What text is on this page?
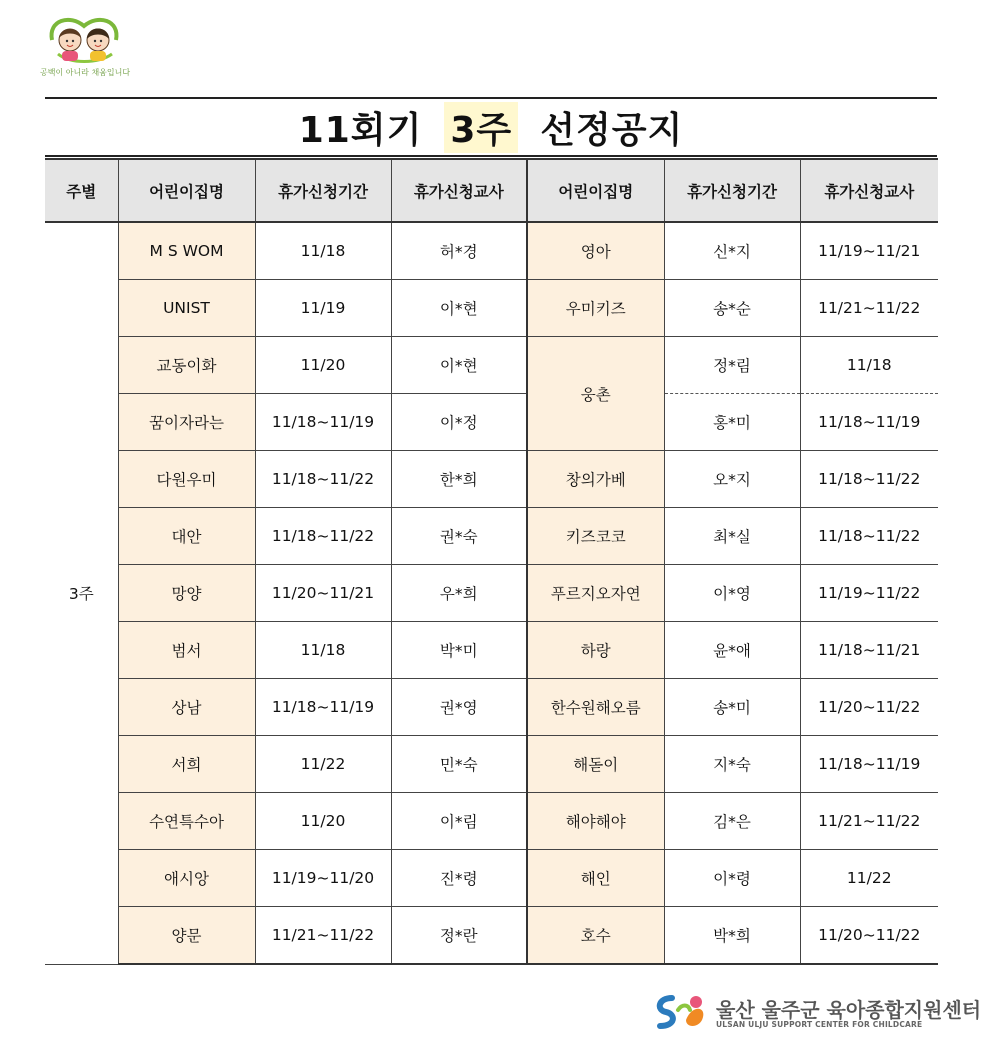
공백이 아니라 채움입니다
11회기 3주 선정공지
주별	어린이집명	휴가신청기간	휴가신청교사	어린이집명	휴가신청기간	휴가신청교사
3주	M S WOM	11/18	허*경	영아	신*지	11/19~11/21
	UNIST	11/19	이*현	우미키즈	송*순	11/21~11/22
	교동이화	11/20	이*현	웅촌	정*림	11/18
	꿈이자라는	11/18~11/19	이*정		홍*미	11/18~11/19
	다원우미	11/18~11/22	한*희	창의가베	오*지	11/18~11/22
	대안	11/18~11/22	권*숙	키즈코코	최*실	11/18~11/22
	망양	11/20~11/21	우*희	푸르지오자연	이*영	11/19~11/22
	범서	11/18	박*미	하랑	윤*애	11/18~11/21
	상남	11/18~11/19	권*영	한수원해오름	송*미	11/20~11/22
	서희	11/22	민*숙	해돋이	지*숙	11/18~11/19
	수연특수아	11/20	이*림	해야해야	김*은	11/21~11/22
	애시앙	11/19~11/20	진*령	해인	이*령	11/22
	양문	11/21~11/22	정*란	호수	박*희	11/20~11/22
울산 울주군 육아종합지원센터
ULSAN ULJU SUPPORT CENTER FOR CHILDCARE
